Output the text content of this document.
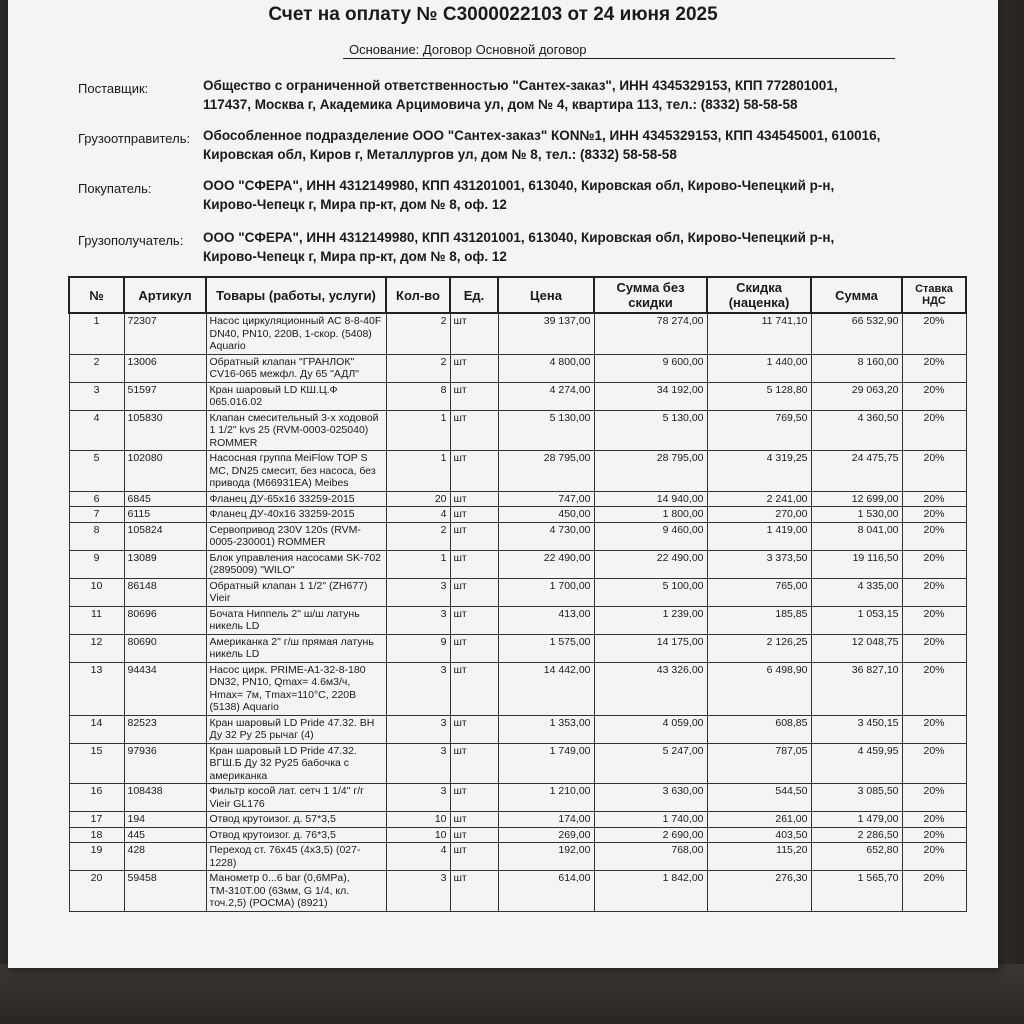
Счет на оплату № С3000022103 от 24 июня 2025
Основание: Договор Основной договор
Поставщик:	Общество с ограниченной ответственностью "Сантех-заказ", ИНН 4345329153, КПП 772801001,
117437, Москва г, Академика Арцимовича ул, дом № 4, квартира 113, тел.: (8332) 58-58-58
Грузоотправитель: Обособленное подразделение ООО "Сантех-заказ" КОN№1, ИНН 4345329153, КПП 434545001, 610016,
Кировская обл, Киров г, Металлургов ул, дом № 8, тел.: (8332) 58-58-58
Покупатель:	ООО "СФЕРА", ИНН 4312149980, КПП 431201001, 613040, Кировская обл, Кирово-Чепецкий р-н,
Кирово-Чепецк г, Мира пр-кт, дом № 8, оф. 12
Грузополучатель: ООО "СФЕРА", ИНН 4312149980, КПП 431201001, 613040, Кировская обл, Кирово-Чепецкий р-н,
Кирово-Чепецк г, Мира пр-кт, дом № 8, оф. 12
№	Артикул	Товары (работы, услуги)	Кол-во	Ед.	Цена	Сумма без скидки	Скидка (наценка)	Сумма	Ставка НДС
1	72307	Насос циркуляционный АС 8-8-40F DN40, PN10, 220В, 1-скор. (5408) Aquario	2	шт	39 137,00	78 274,00	11 741,10	66 532,90	20%
2	13006	Обратный клапан "ГРАНЛОК" CV16-065 межфл. Ду 65 "АДЛ"	2	шт	4 800,00	9 600,00	1 440,00	8 160,00	20%
3	51597	Кран шаровый LD КШ.Ц.Ф 065.016.02	8	шт	4 274,00	34 192,00	5 128,80	29 063,20	20%
4	105830	Клапан смесительный 3-х ходовой 1 1/2" kvs 25 (RVM-0003-025040) ROMMER	1	шт	5 130,00	5 130,00	769,50	4 360,50	20%
5	102080	Насосная группа MeiFlow TOP S MC, DN25 смесит, без насоса, без привода (M66931EA) Meibes	1	шт	28 795,00	28 795,00	4 319,25	24 475,75	20%
6	6845	Фланец ДУ-65х16 33259-2015	20	шт	747,00	14 940,00	2 241,00	12 699,00	20%
7	6115	Фланец ДУ-40х16 33259-2015	4	шт	450,00	1 800,00	270,00	1 530,00	20%
8	105824	Сервопривод 230V 120s (RVM-0005-230001) ROMMER	2	шт	4 730,00	9 460,00	1 419,00	8 041,00	20%
9	13089	Блок управления насосами SK-702 (2895009) "WILO"	1	шт	22 490,00	22 490,00	3 373,50	19 116,50	20%
10	86148	Обратный клапан 1 1/2" (ZH677) Vieir	3	шт	1 700,00	5 100,00	765,00	4 335,00	20%
11	80696	Бочата Ниппель 2" ш/ш латунь никель LD	3	шт	413,00	1 239,00	185,85	1 053,15	20%
12	80690	Американка 2" г/ш прямая латунь никель LD	9	шт	1 575,00	14 175,00	2 126,25	12 048,75	20%
13	94434	Насос цирк. PRIME-A1-32-8-180 DN32, PN10, Qmax= 4.6м3/ч, Hmax= 7м, Tmax=110°C, 220В (5138) Aquario	3	шт	14 442,00	43 326,00	6 498,90	36 827,10	20%
14	82523	Кран шаровый LD Pride 47.32. ВН Ду 32 Ру 25 рычаг (4)	3	шт	1 353,00	4 059,00	608,85	3 450,15	20%
15	97936	Кран шаровый LD Pride 47.32. ВГШ.Б Ду 32 Ру25 бабочка с американка	3	шт	1 749,00	5 247,00	787,05	4 459,95	20%
16	108438	Фильтр косой лат. сетч 1 1/4" г/г Vieir GL176	3	шт	1 210,00	3 630,00	544,50	3 085,50	20%
17	194	Отвод крутоизог. д. 57*3,5	10	шт	174,00	1 740,00	261,00	1 479,00	20%
18	445	Отвод крутоизог. д. 76*3,5	10	шт	269,00	2 690,00	403,50	2 286,50	20%
19	428	Переход ст. 76х45 (4х3,5) (027-1228)	4	шт	192,00	768,00	115,20	652,80	20%
20	59458	Манометр 0...6 bar (0,6MPa), ТМ-310Т.00 (63мм, G 1/4, кл. точ.2,5) (РОСМА) (8921)	3	шт	614,00	1 842,00	276,30	1 565,70	20%
